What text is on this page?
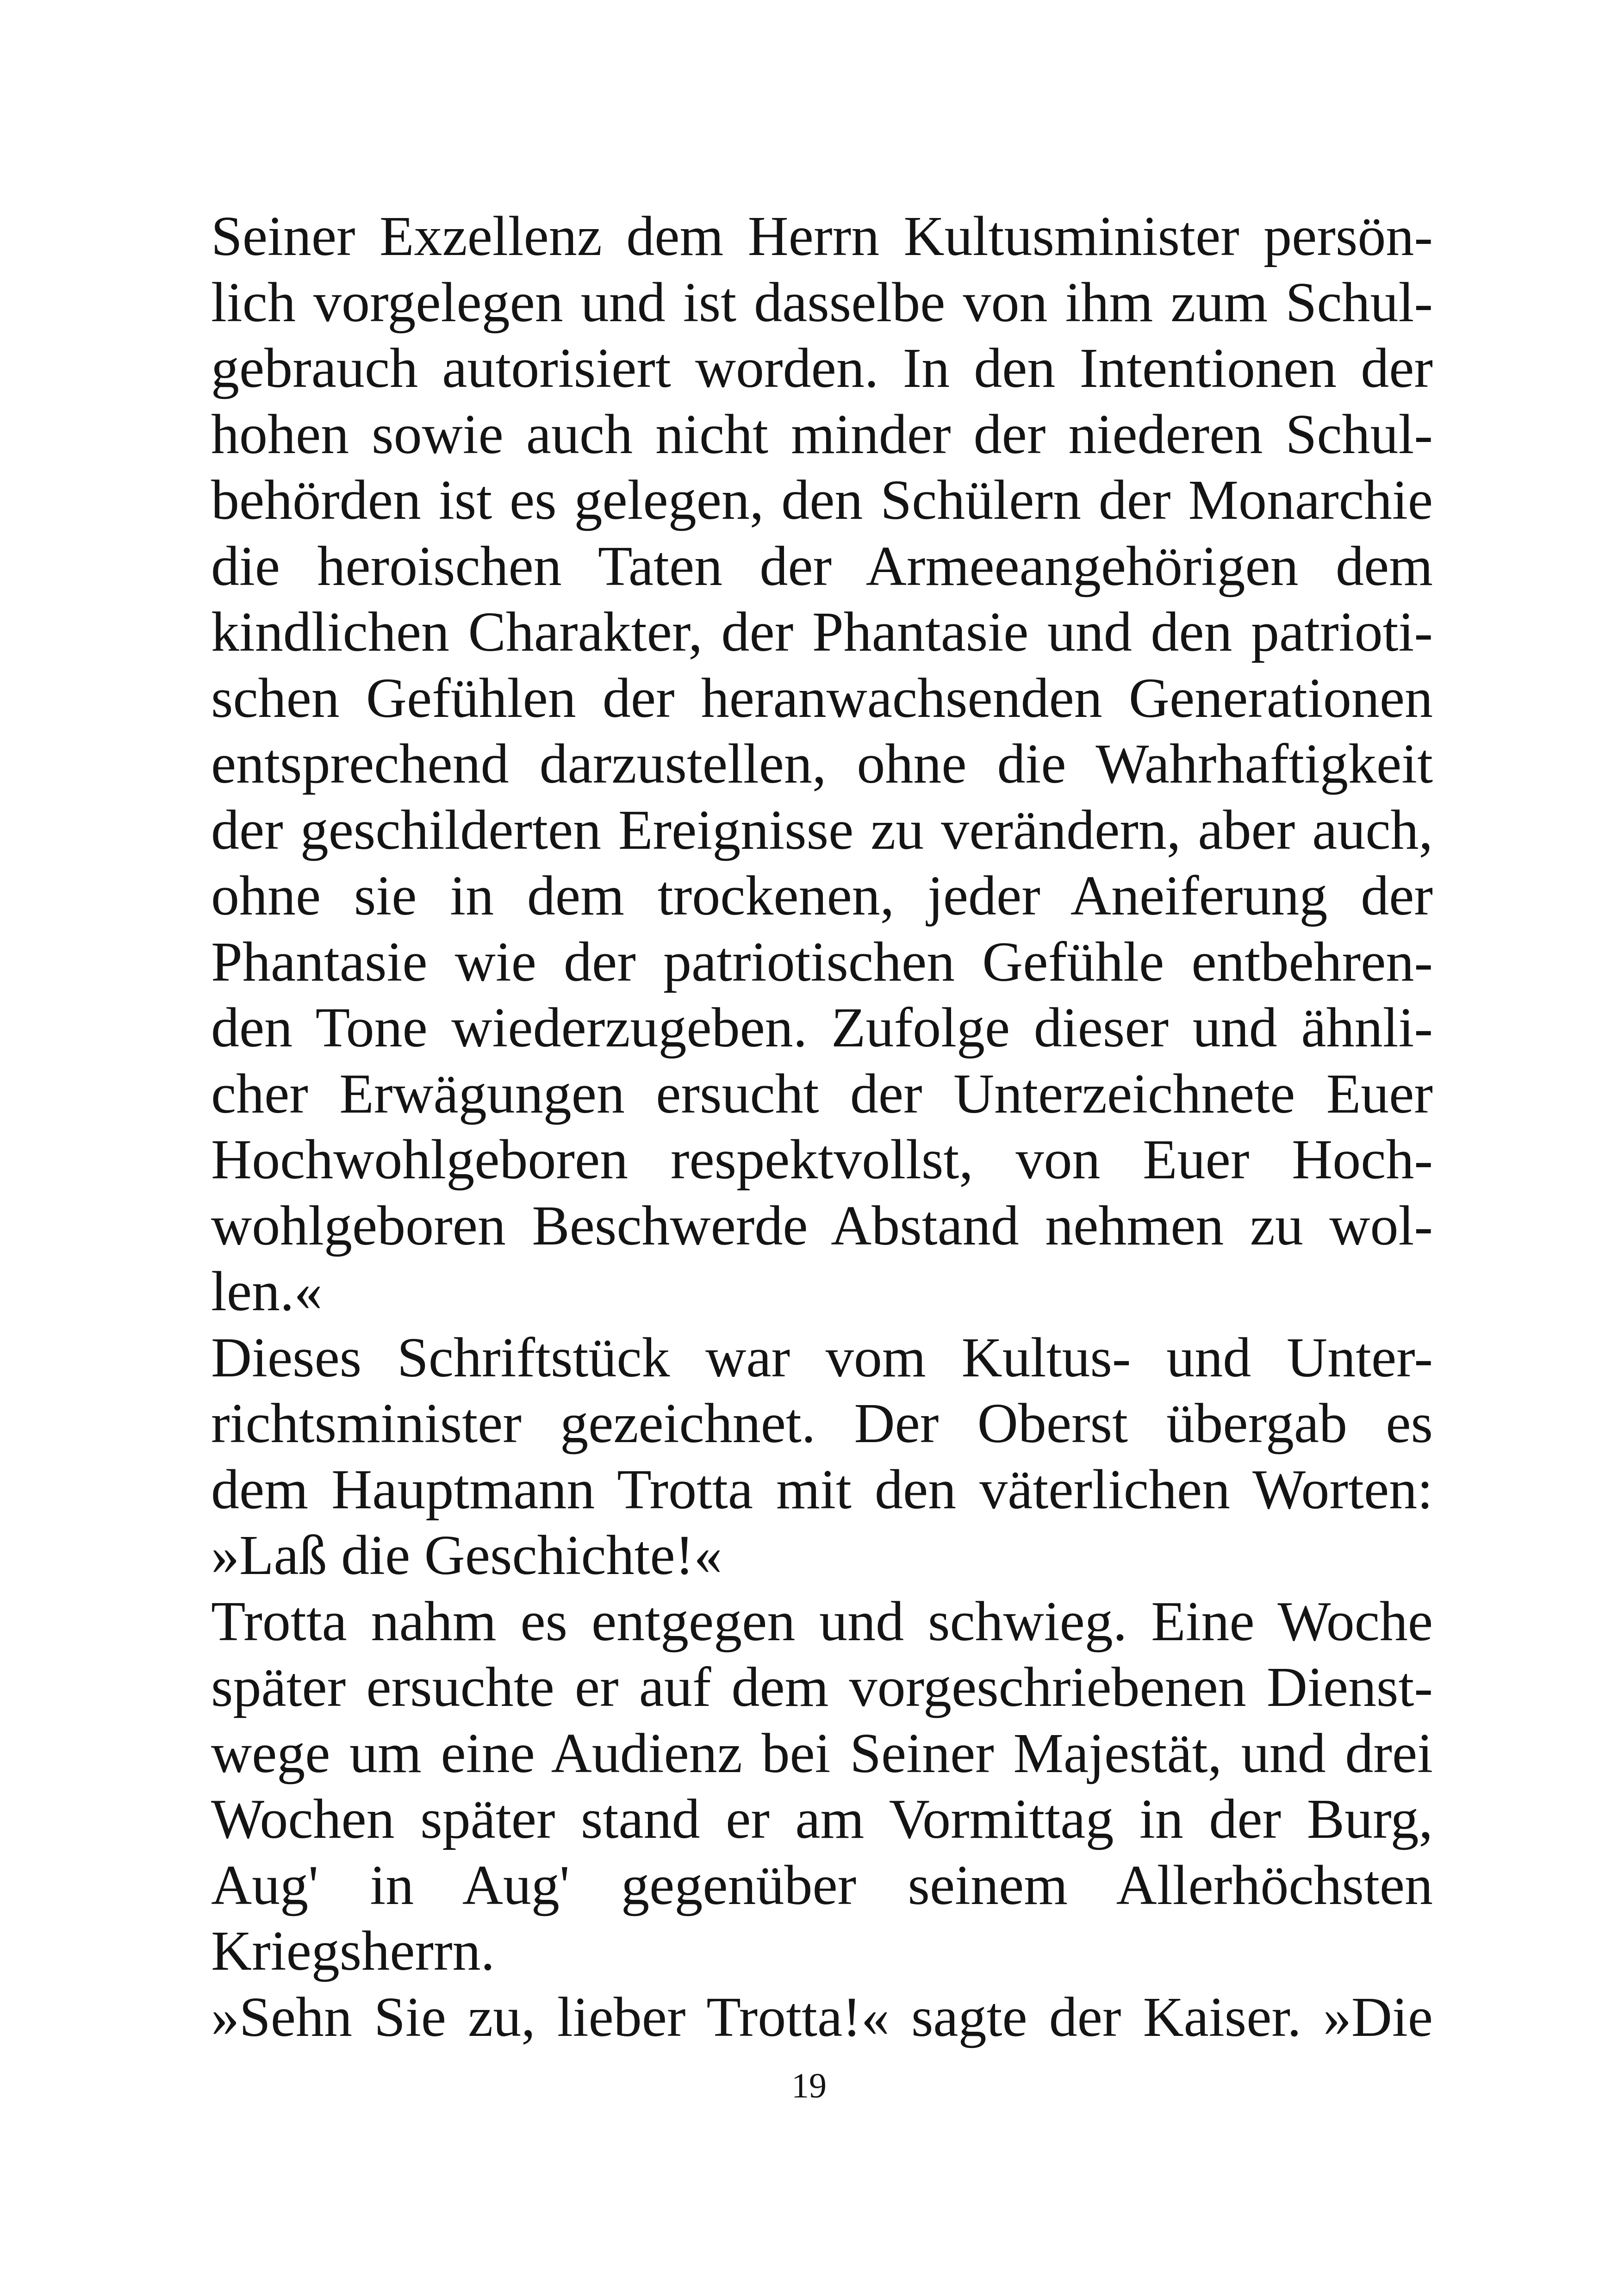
Seiner Exzellenz dem Herrn Kultusminister persön-
lich vorgelegen und ist dasselbe von ihm zum Schul-
gebrauch autorisiert worden. In den Intentionen der
hohen sowie auch nicht minder der niederen Schul-
behörden ist es gelegen, den Schülern der Monarchie
die heroischen Taten der Armeeangehörigen dem
kindlichen Charakter, der Phantasie und den patrioti-
schen Gefühlen der heranwachsenden Generationen
entsprechend darzustellen, ohne die Wahrhaftigkeit
der geschilderten Ereignisse zu verändern, aber auch,
ohne sie in dem trockenen, jeder Aneiferung der
Phantasie wie der patriotischen Gefühle entbehren-
den Tone wiederzugeben. Zufolge dieser und ähnli-
cher Erwägungen ersucht der Unterzeichnete Euer
Hochwohlgeboren respektvollst, von Euer Hoch-
wohlgeboren Beschwerde Abstand nehmen zu wol-
len.«
Dieses Schriftstück war vom Kultus- und Unter-
richtsminister gezeichnet. Der Oberst übergab es
dem Hauptmann Trotta mit den väterlichen Worten:
»Laß die Geschichte!«
Trotta nahm es entgegen und schwieg. Eine Woche
später ersuchte er auf dem vorgeschriebenen Dienst-
wege um eine Audienz bei Seiner Majestät, und drei
Wochen später stand er am Vormittag in der Burg,
Aug' in Aug' gegenüber seinem Allerhöchsten
Kriegsherrn.
»Sehn Sie zu, lieber Trotta!« sagte der Kaiser. »Die
19
